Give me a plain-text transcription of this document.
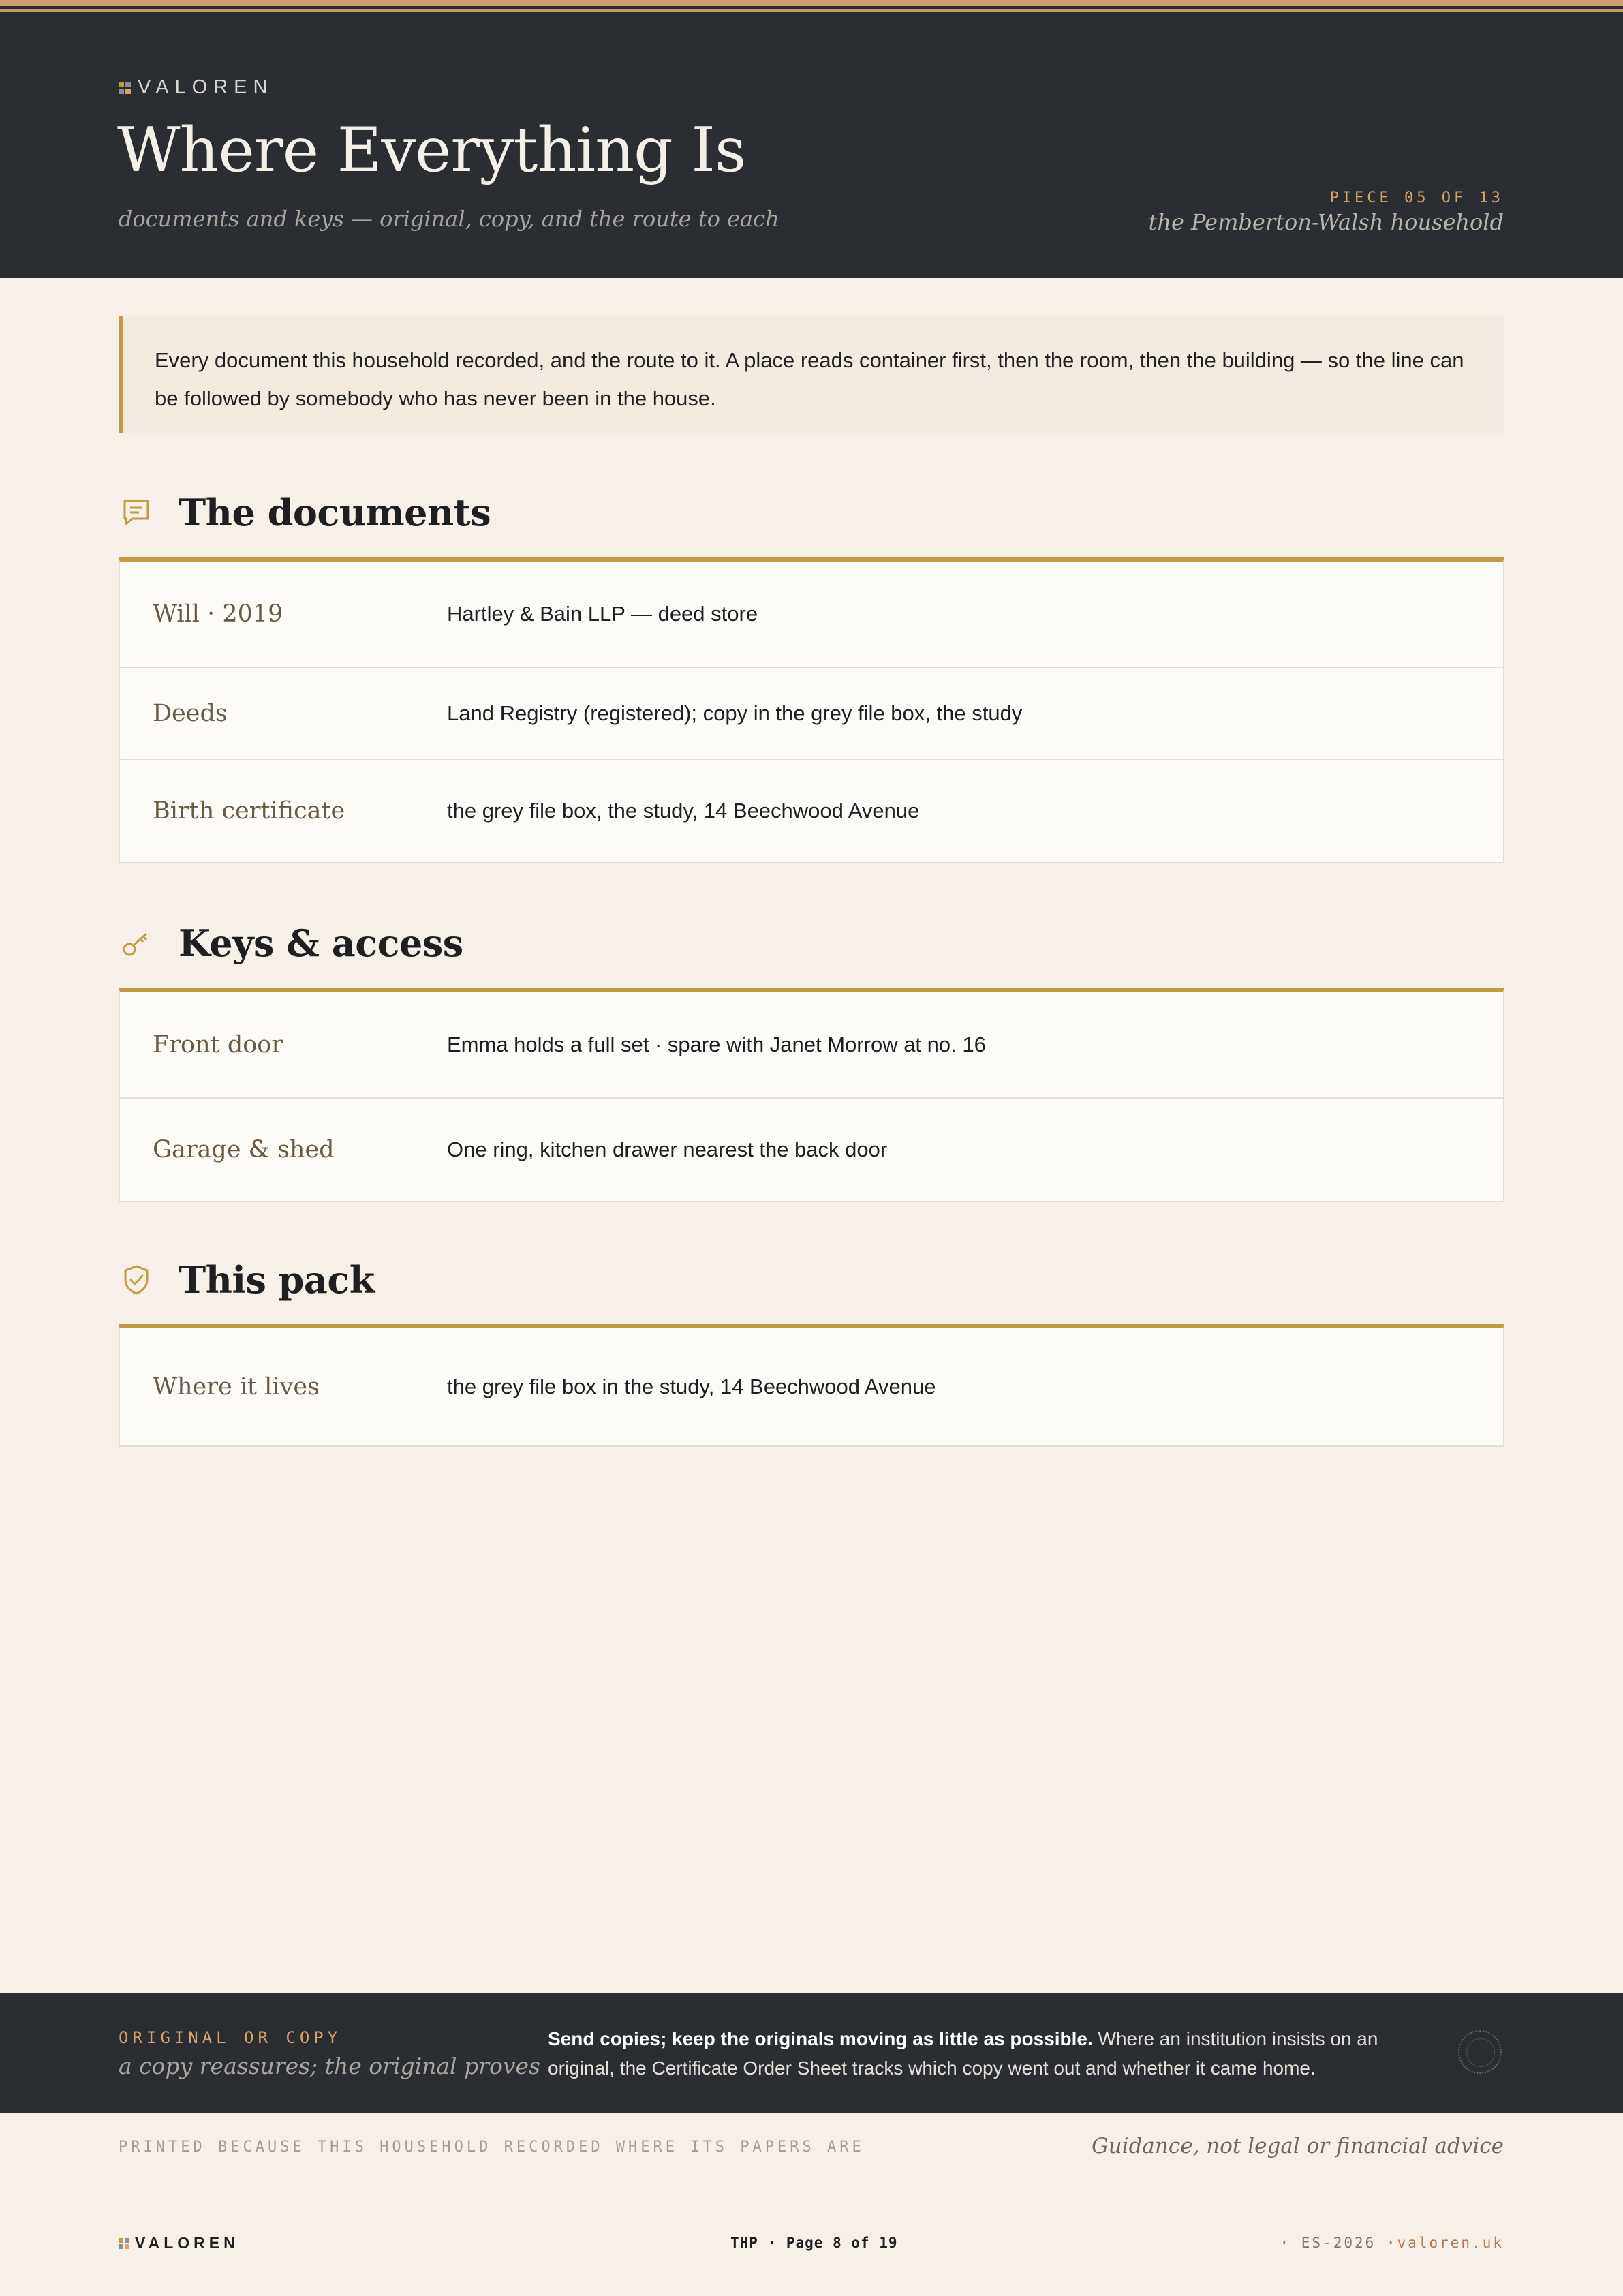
VALOREN
Where Everything Is
documents and keys — original, copy, and the route to each
PIECE 05 OF 13
the Pemberton-Walsh household
Every document this household recorded, and the route to it. A place reads container first, then the room, then the building — so the line can be followed by somebody who has never been in the house.
The documents
Will · 2019	Hartley & Bain LLP — deed store
Deeds	Land Registry (registered); copy in the grey file box, the study
Birth certificate	the grey file box, the study, 14 Beechwood Avenue
Keys & access
Front door	Emma holds a full set · spare with Janet Morrow at no. 16
Garage & shed	One ring, kitchen drawer nearest the back door
This pack
Where it lives	the grey file box in the study, 14 Beechwood Avenue
ORIGINAL OR COPY
a copy reassures; the original proves
Send copies; keep the originals moving as little as possible. Where an institution insists on an original, the Certificate Order Sheet tracks which copy went out and whether it came home.
PRINTED BECAUSE THIS HOUSEHOLD RECORDED WHERE ITS PAPERS ARE	Guidance, not legal or financial advice
VALOREN	THP · Page 8 of 19	· ES-2026 ·valoren.uk
